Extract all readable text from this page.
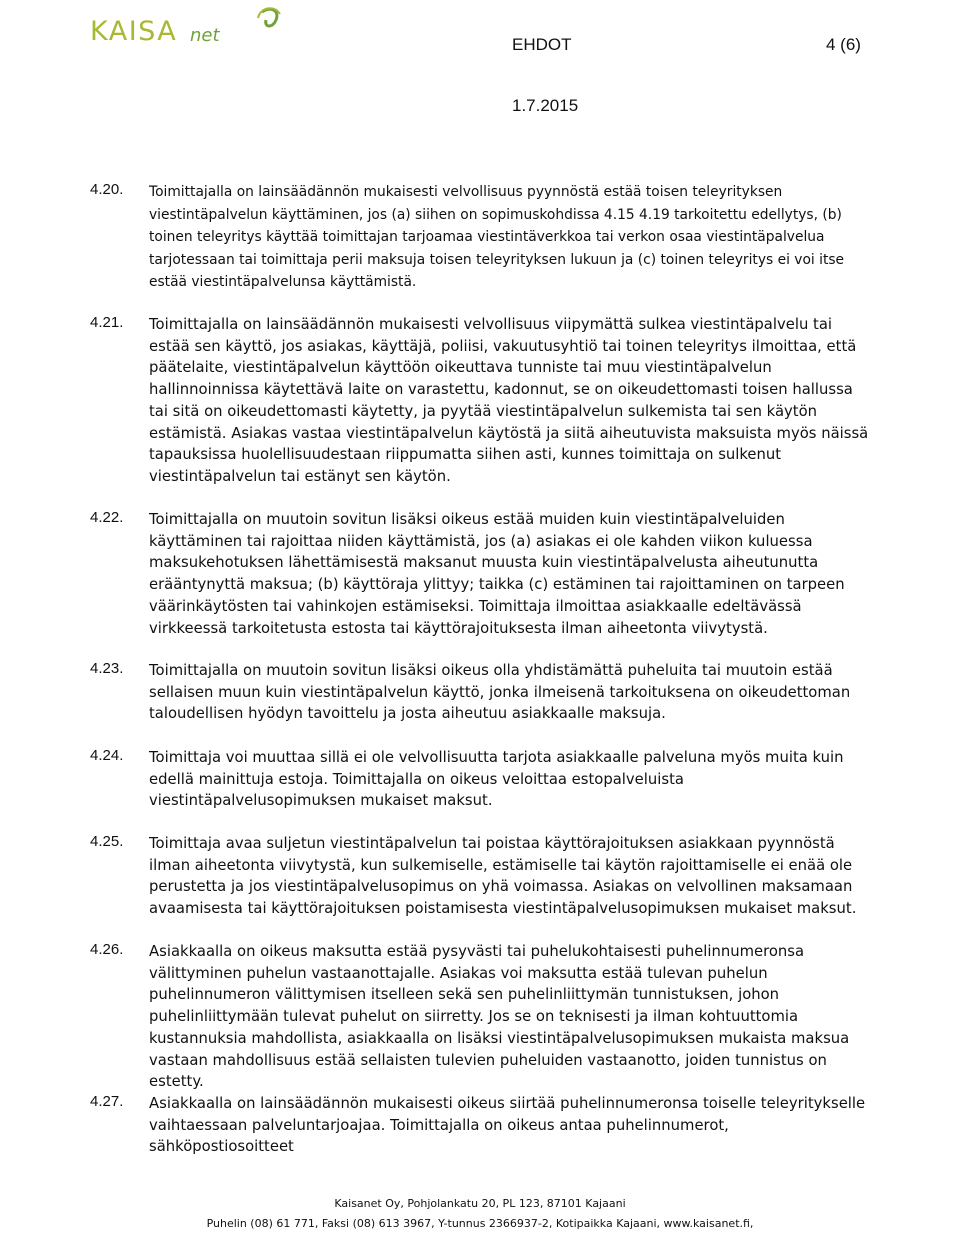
KAISA net	EHDOT	4 (6)
1.7.2015
4.20.	Toimittajalla on lainsäädännön mukaisesti velvollisuus pyynnöstä estää toisen teleyrityksen viestintäpalvelun käyttäminen, jos (a) siihen on sopimuskohdissa 4.15 4.19 tarkoitettu edellytys, (b) toinen teleyritys käyttää toimittajan tarjoamaa viestintäverkkoa tai verkon osaa viestintäpalvelua tarjotessaan tai toimittaja perii maksuja toisen teleyrityksen lukuun ja (c) toinen teleyritys ei voi itse estää viestintäpalvelunsa käyttämistä.
4.21.	Toimittajalla on lainsäädännön mukaisesti velvollisuus viipymättä sulkea viestintäpalvelu tai estää sen käyttö, jos asiakas, käyttäjä, poliisi, vakuutusyhtiö tai toinen teleyritys ilmoittaa, että päätelaite, viestintäpalvelun käyttöön oikeuttava tunniste tai muu viestintäpalvelun hallinnoinnissa käytettävä laite on varastettu, kadonnut, se on oikeudettomasti toisen hallussa tai sitä on oikeudettomasti käytetty, ja pyytää viestintäpalvelun sulkemista tai sen käytön estämistä. Asiakas vastaa viestintäpalvelun käytöstä ja siitä aiheutuvista maksuista myös näissä tapauksissa huolellisuudestaan riippumatta siihen asti, kunnes toimittaja on sulkenut viestintäpalvelun tai estänyt sen käytön.
4.22.	Toimittajalla on muutoin sovitun lisäksi oikeus estää muiden kuin viestintäpalveluiden käyttäminen tai rajoittaa niiden käyttämistä, jos (a) asiakas ei ole kahden viikon kuluessa maksukehotuksen lähettämisestä maksanut muusta kuin viestintäpalvelusta aiheutunutta erääntynyttä maksua; (b) käyttöraja ylittyy; taikka (c) estäminen tai rajoittaminen on tarpeen väärinkäytösten tai vahinkojen estämiseksi. Toimittaja ilmoittaa asiakkaalle edeltävässä virkkeessä tarkoitetusta estosta tai käyttörajoituksesta ilman aiheetonta viivytystä.
4.23.	Toimittajalla on muutoin sovitun lisäksi oikeus olla yhdistämättä puheluita tai muutoin estää sellaisen muun kuin viestintäpalvelun käyttö, jonka ilmeisenä tarkoituksena on oikeudettoman taloudellisen hyödyn tavoittelu ja josta aiheutuu asiakkaalle maksuja.
4.24.	Toimittaja voi muuttaa sillä ei ole velvollisuutta tarjota asiakkaalle palveluna myös muita kuin edellä mainittuja estoja. Toimittajalla on oikeus veloittaa estopalveluista viestintäpalvelusopimuksen mukaiset maksut.
4.25.	Toimittaja avaa suljetun viestintäpalvelun tai poistaa käyttörajoituksen asiakkaan pyynnöstä ilman aiheetonta viivytystä, kun sulkemiselle, estämiselle tai käytön rajoittamiselle ei enää ole perustetta ja jos viestintäpalvelusopimus on yhä voimassa. Asiakas on velvollinen maksamaan avaamisesta tai käyttörajoituksen poistamisesta viestintäpalvelusopimuksen mukaiset maksut.
4.26.	Asiakkaalla on oikeus maksutta estää pysyvästi tai puhelukohtaisesti puhelinnumeronsa välittyminen puhelun vastaanottajalle. Asiakas voi maksutta estää tulevan puhelun puhelinnumeron välittymisen itselleen sekä sen puhelinliittymän tunnistuksen, johon puhelinliittymään tulevat puhelut on siirretty. Jos se on teknisesti ja ilman kohtuuttomia kustannuksia mahdollista, asiakkaalla on lisäksi viestintäpalvelusopimuksen mukaista maksua vastaan mahdollisuus estää sellaisten tulevien puheluiden vastaanotto, joiden tunnistus on estetty.
4.27.	Asiakkaalla on lainsäädännön mukaisesti oikeus siirtää puhelinnumeronsa toiselle teleyritykselle vaihtaessaan palveluntarjoajaa. Toimittajalla on oikeus antaa puhelinnumerot, sähköpostiosoitteet
Kaisanet Oy, Pohjolankatu 20, PL 123, 87101 Kajaani
Puhelin (08) 61 771, Faksi (08) 613 3967, Y-tunnus 2366937-2, Kotipaikka Kajaani, www.kaisanet.fi,
